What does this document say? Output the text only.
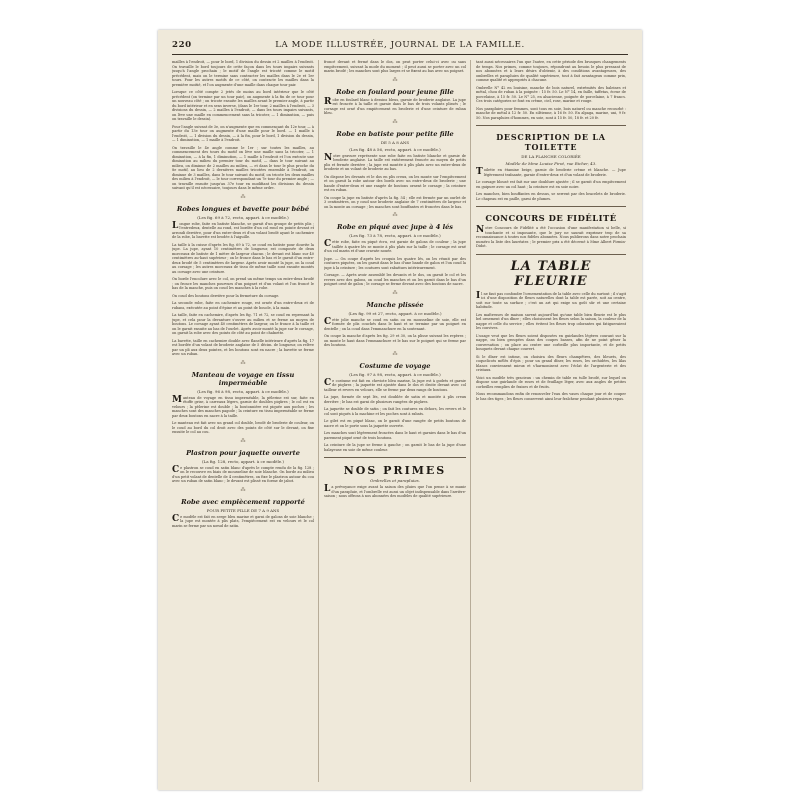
220	LA MODE ILLUSTRÉE, JOURNAL DE LA FAMILLE.

mailles à l'endroit, — pour le bord, 1 division du dessin et 2 mailles à l'endroit. On travaille le bord toujours de cette façon dans les tours impairs suivants jusqu'à l'angle prochain ; le motif de l'angle est tricoté comme le motif précédent, mais on le termine sans contracter les mailles dans le 2e et 1er tours. Pour les autres motifs de ce côté, on contracte les mailles dans la première moitié, et l'on augmente d'une maille dans chaque tour pair.

Lorsque ce côté compte 2 jetés de moins au bord intérieur que le côté précédent (on termine par un tour pair), on augmente à la fin de ce tour pour un nouveau côté ; on tricote ensuite les mailles avant le premier angle, à partir du bord intérieur et en sens inverse, (dans le 1er tour, 2 mailles à l'endroit, — 3 divisions du dessin, — 2 mailles à l'endroit, — dans les tours impairs suivants, on lève une maille en commencement sans la tricoter, — 1 diminution, — puis on travaille le dessin).

Pour l'angle suivant de 3e, on n'augmente que en commençant du 12e tour, — à partir du 13e tour on augmente d'une maille pour le bord. — 1 maille à l'endroit, — 1 division du dessin, — à la fin, pour le bord, 1 division du dessin, — 1 diminution, — 1 maille à l'endroit.

On travaille le 4e angle comme le 1er ; sur toutes les mailles, au commencement des tours du motif on lève une maille sans la tricoter, — 1 diminution, — à la fin, 1 diminution, — 1 maille à l'endroit et l'on exécute une diminution au milieu du premier tour du motif, — dans le tour suivant au milieu, on diminue de 2 mailles au milieu, — et dans le tour le plus proche du 8e motif, au lieu de 2 dernières mailles tricotées ensemble à l'endroit, on diminue de 3 mailles, dans le tour suivant du motif, on tricote les deux mailles des milieu à l'endroit, — le tour correspondant un 7e tour du premier angle ; — on travaille ensuite jusqu'au 37e tour en modifiant les divisions du dessin suivant qu'il est nécessaire, toujours dans le même ordre.

⁂
Robes longues et bavette pour bébé
(Les fig. 69 à 72, recto, appart. à ce modèle.)

Longue robe, faite en batiste blanche, se garnit d'un groupe de petits plis ; l'entredeux, dentelle au rond, est bordée d'un col rond en pointe devant et arrondi derrière, pour d'un entre-deux et d'un volant brodé ayant le cachemire de la robe, la bavette est brodée à l'aiguille.

La taille à la cuisse d'après les fig. 69 à 72, se coud en batiste pour douvite la jupe. La jupe, ayant 10 centimètres de longueur, est composée de deux morceaux de batiste de 1 mètre de largeur chacun ; le devant est blanc sur 40 centimètres au-haut supérieur ; on le fronce dans le bas et le garnit d'un entre-deux brodé de 5 centimètres de largeur. Après avoir monté la jupe, on la coud au corsage ; les autres morceaux de tissu de même taille sont ensuite montés au corsage avec une ceinture.

On borde l'encolure avec le col, on prend un même temps un entre-deux brodé ; on fronce les manches pourvues d'un poignet et d'un volant et l'on froncé le bas de la manche, puis on coud les manches à la robe.

On coud des boutons derrière pour la fermeture du corsage.

La seconde robe, faite en cachemire rouge, est ornée d'un entre-deux et de rubans, exécutée au point d'épine et au point de boucle, à la main.

La taille, faite en cachemire, d'après les fig. 71 et 72, se coud en reprenant la jupe, et cela pour la devanture s'ouvre au milieu et se ferme au moyen de boutons. Le corsage ayant 40 centimètres de largeur, on le fronce à la taille et on le garnit ensuite au bas de l'ourlet. Après avoir monté la jupe sur le corsage, on garnit la robe avec des points de côté au point de chaînette.

La bavette, taille en cachemire double avec flanelle intérieure d'après la fig. 17 est bordée d'un volant de broderie anglaise de 5 décim. de longueur, on relève par un pli aux deux pointes, et les boutons sont en nacre ; la bavette se ferme avec un ruban.

⁂
Manteau de voyage en tissu imperméable
(Les fig. 96 à 98, recto, appart. à ce modèle.)

Manteau de voyage en tissu imperméable, la pèlerine est sur, faite en étoffe grise, à carreaux légers, garnie de doubles piqûres ; le col est en velours ; la pèlerine est double ; la boutonnière est piquée aux poches ; les manches sont des manches pagode ; la ceinture en tissu imperméable se ferme par deux boutons en nacre à la taille.

Le manteau est fait avec un grand col double, brodé de broderie de couleur, on le coud au bord du col droit avec des points de côté sur le devant, on fixe ensuite le col au cou.

⁂
Plastron pour jaquette ouverte
(La fig. 128, recto, appart. à ce modèle.)

Ce plastron se coud en satin blanc d'après le compte rendu de la fig. 128 ; on le recouvre en biais de mousseline de soie blanche. On borde au milieu d'un petit volant de dentelle de 4 centimètres, on fixe le plastron autour du cou avec un ruban de satin blanc ; le devant est plissé en forme de jabot.

⁂
Robe avec empiècement rapporté
POUR PETITE FILLE DE 7 A 9 ANS

Ce modèle est fait en serge bleu marine et garni de galons de soie blanche ; la jupe est montée à plis plats, l'empiècement est en velours et le col marin se ferme par un nœud de satin.

froncé devant et fermé dans le dos, on peut porter celui-ci avec ou sans empiècement, suivant la mode du moment ; il peut aussi se porter avec un col marin brodé ; les manches sont plus larges et se fixent au bas avec un poignet.

⁂
Robe en foulard pour jeune fille

Robe en foulard blanc à dessins bleus, garnie de broderie anglaise. La jupe est froncée à la taille et garnie dans le bas de trois volants plissés ; le corsage est orné d'un empiècement en broderie et d'une ceinture de ruban bleu.

⁂
Robe en batiste pour petite fille
DE 5 A 8 ANS
(Les fig. 48 à 56, recto, appart. à ce modèle.)

Notre gravure représente une robe faite en batiste blanche et garnie de broderie anglaise. La taille est entièrement froncée au moyen de petits plis et fermée derrière ; la jupe est montée à plis plats avec un entre-deux de broderie et un volant de broderie au bas.

On dispose les devants et le dos en plis creux, on les monte sur l'empiècement et on garnit la robe autour des bords avec un entre-deux de broderie ; une bande d'entre-deux et une rangée de boutons ornent le corsage ; la ceinture est en ruban.

On coupe la jupe en batiste d'après la fig. 54 ; elle est fermée par un ourlet de 3 centimètres, on y coud une broderie anglaise de 7 centimètres de largeur et on la monte au corsage ; les manches sont bouffantes et froncées dans le bas.

⁂
Robe en piqué avec jupe à 4 lés
(Les fig. 73 à 78, recto, appart. à ce modèle.)

Cette robe, faite en piqué écru, est garnie de galons de couleur ; la jupe taillée à quatre lés se monte à plis plats sur la taille ; le corsage est orné d'un col marin et d'une cravate nouée.

Jupe. — On coupe d'après les croquis les quatre lés, on les réunit par des coutures piquées, on les garnit dans le bas d'une bande de galon et l'on coud la jupe à la ceinture ; les coutures sont rabattues intérieurement.

Corsage. — Après avoir assemblé les devants et le dos, on garnit le col et les revers avec des galons, on coud les manches et on les garnit dans le bas d'un poignet orné de galon ; le corsage se ferme devant avec des boutons de nacre.

⁂
Manche plissée
(Les fig. 99 et 27, recto, appart. à ce modèle.)

Cette jolie manche se coud en satin ou en mousseline de soie, elle est formée de plis couchés dans le haut et se termine par un poignet en dentelle ; on la coud dans l'emmanchure en la soutenant.

On coupe la manche d'après les fig. 29 et 30, on la plisse suivant les repères ; on monte le haut dans l'emmanchure et le bas sur le poignet qui se ferme par des boutons.

⁂
Costume de voyage
(Les fig. 97 à 98, recto, appart. à ce modèle.)

Ce costume est fait en cheviote bleu marine, la jupe est à godets et garnie de piqûres ; la jaquette est ajustée dans le dos et droite devant avec col tailleur et revers en velours, elle se ferme par deux rangs de boutons.

La jupe, formée de sept lés, est doublée de satin et montée à plis creux derrière ; le bas est garni de plusieurs rangées de piqûres.

La jaquette se double de satin ; on fait les coutures en dehors, les revers et le col sont piqués à la machine et les poches sont à rabats.

Le gilet est en piqué blanc, on le garnit d'une rangée de petits boutons de nacre et on le porte sous la jaquette ouverte.

Les manches sont légèrement froncées dans le haut et garnies dans le bas d'un parement piqué orné de trois boutons.

La ceinture de la jupe se ferme à gauche ; on garnit le bas de la jupe d'une balayeuse en soie de même couleur.

NOS PRIMES
Ombrelles et parapluies.

La prévoyance exige avant la saison des pluies que l'on pense à se munir d'un parapluie, et l'ombrelle est aussi un objet indispensable dans l'arrière-saison ; nous offrons à nos abonnées des modèles de qualité supérieure.

tant aussi nécessaires l'un que l'autre, en cette période des brusques changements de temps. Nos primes, comme toujours, répondront au besoin le plus pressant de nos abonnées et à leurs désirs d'obtenir, à des conditions avantageuses, des ombrelles et parapluies de qualité supérieure, tout à fait avantageux comme prix, comme qualité et appropriés à chacune.

Ombrelle N° 42 en louisine, manche de bois naturel, extrémités des baleines et métal, chou de ruban à la poignée : 15 fr. 50. Le N° 14, en faille, taffetas, écrue de porcelaine, à 15 fr. 50. Le N° 25, en alsacienne, poignée de porcelaine, à 7 francs. Ces trois catégories se font en crème, ciel, rose, marine et rouge.

Nos parapluies pour femmes, sont tous en soie, bois naturel ou manche recourbé : manche de métal à 12 fr. 50. En siléienne, à 16 fr. 50. En alpaga, marine, uni, 9 fr. 50. Nos parapluies d'hommes, en soie, sont à 15 fr. 50, 18 fr. et 20 fr.

DESCRIPTION DE LA TOILETTE
DE LA PLANCHE COLORIÉE
Modèle de Mme Louise Pirot, rue Richer, 43.

Toilette en étamine beige, garnie de broderie crème et blanche. — Jupe légèrement traînante, garnie d'entre-deux et d'un volant de broderie.

Le corsage blousé est fait sur une doublure ajustée ; il se garnit d'un empiècement en guipure avec un col haut ; la ceinture est en soie noire.

Les manches, bien bouffantes en dessus, se serrent par des bracelets de broderie. Le chapeau est en paille, garni de plumes.

CONCOURS DE FIDÉLITÉ

Notre Concours de Fidélité a été l'occasion d'une manifestation si belle, si touchante et si imposante, que le jury ne saurait exprimer trop de sa reconnaissance à toutes nos fidèles abonnées. Nous publierons dans notre prochain numéro la liste des lauréates ; le premier prix a été décerné à Mme Albert Firmin-Didot.

LA TABLE FLEURIE

Il ne faut pas confondre l'ornementation de la table avec celle du surtout ; il s'agit ici d'une disposition de fleurs naturelles dont la table est parée, soit au centre, soit sur toute sa surface ; c'est un art qui exige un goût sûr et une certaine habitude.

Les maîtresses de maison savent aujourd'hui qu'une table bien fleurie est le plus bel ornement d'un dîner ; elles choisissent les fleurs selon la saison, la couleur de la nappe et celle du service ; elles évitent les fleurs trop odorantes qui fatigueraient les convives.

L'usage veut que les fleurs soient disposées en guirlandes légères courant sur la nappe, ou bien groupées dans des coupes basses, afin de ne point gêner la conversation ; on place au centre une corbeille plus importante, et de petits bouquets devant chaque couvert.

Si le dîner est intime, on choisira des fleurs champêtres, des bleuets, des coquelicots mêlés d'épis ; pour un grand dîner, les roses, les orchidées, les lilas blancs conviennent mieux et s'harmonisent avec l'éclat de l'argenterie et des cristaux.

Voici un modèle très gracieux : un chemin de table en tulle brodé, sur lequel on dispose une guirlande de roses et de feuillage léger, avec aux angles de petites corbeilles remplies de fraises et de fruits.

Nous recommandons enfin de renouveler l'eau des vases chaque jour et de couper le bas des tiges ; les fleurs conservent ainsi leur fraîcheur pendant plusieurs repas.
